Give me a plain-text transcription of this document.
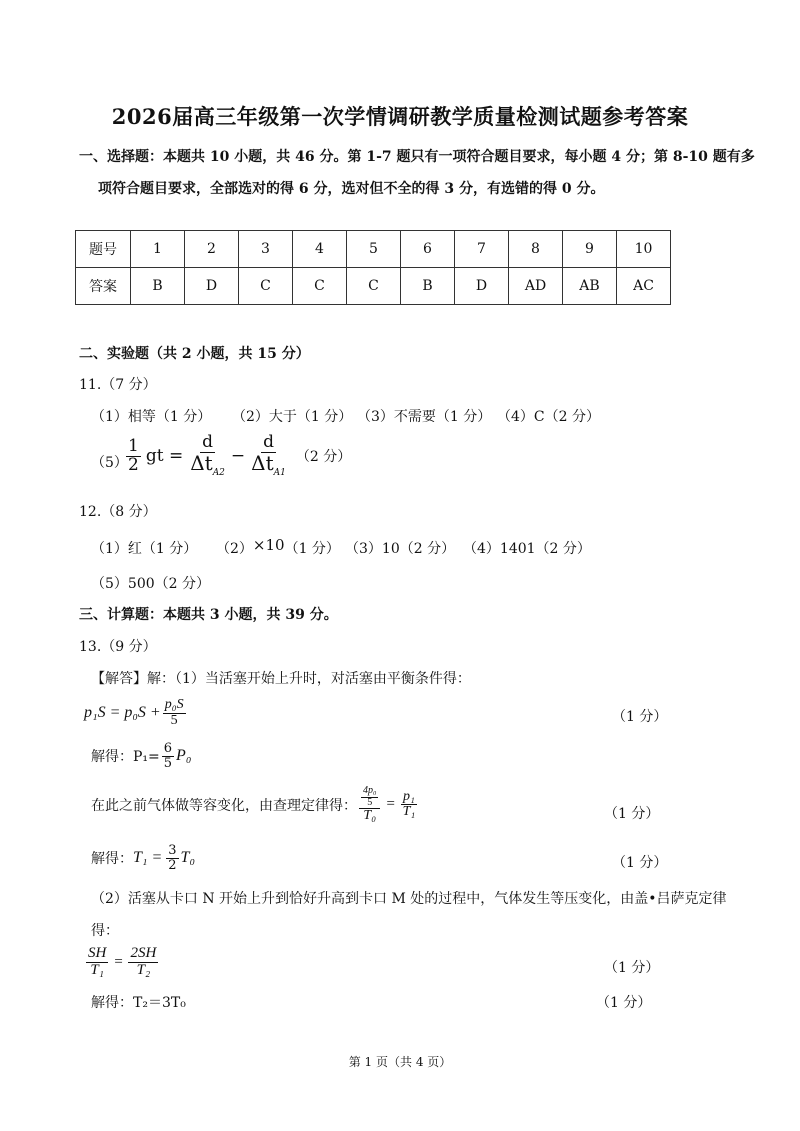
2026届高三年级第一次学情调研教学质量检测试题参考答案
一、选择题：本题共 10 小题，共 46 分。第 1-7 题只有一项符合题目要求，每小题 4 分；第 8-10 题有多
项符合题目要求，全部选对的得 6 分，选对但不全的得 3 分，有选错的得 0 分。
题号	1	2	3	4	5	6	7	8	9	10
答案	B	D	C	C	C	B	D	AD	AB	AC
二、实验题（共 2 小题，共 15 分）
11.（7 分）
（1）相等（1 分） （2）大于（1 分） （3）不需要（1 分） （4）C（2 分）
（5）
$\frac{1}{2}$ gt = $\frac{d}{\Delta t_{A2}} - \frac{d}{\Delta t_{A1}} (2$ 分）
12.（8 分）
（1）红（1 分） （2）×10（1 分） （3）10（2 分） （4）1401（2 分）
（5）500（2 分）
三、计算题：本题共 3 小题，共 39 分。
13.（9 分）
【解答】解：（1）当活塞开始上升时，对活塞由平衡条件得：
$p_1S = p_0S + \frac{\text{p₀S}}{5}$	（1 分）
解得：$P_1= \frac{6}{5} P_0$
在此之前气体做等容变化，由查理定律得： $\frac{\frac{\text{4p₀}}{5}}{\text{T₀}} = \frac{\text{p₁}}{\text{T₁}}$	（1 分）
解得： $T_1 = \frac{3}{2} T_0$	（1 分）
（2）活塞从卡口 N 开始上升到恰好升高到卡口 M 处的过程中，气体发生等压变化，由盖•吕萨克定律
得：
$\frac{SH}{\text{T₁}} = \frac{2SH}{\text{T₂}}$	（1 分）
解得：T₂＝3T₀	（1 分）
第 1 页（共 4 页）
